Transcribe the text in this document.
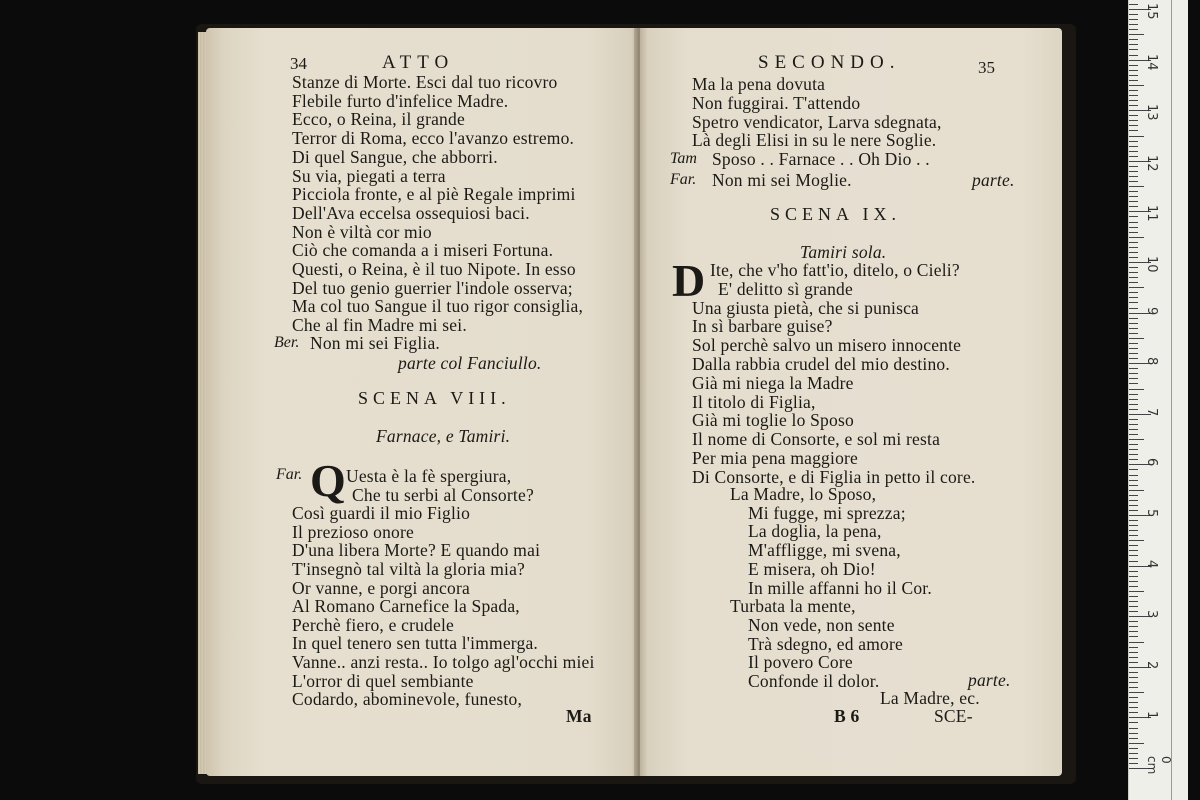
34	ATTO
Stanze di Morte. Esci dal tuo ricovro
Flebile furto d'infelice Madre.
Ecco, o Reina, il grande
Terror di Roma, ecco l'avanzo estremo.
Di quel Sangue, che abborri.
Su via, piegati a terra
Picciola fronte, e al piè Regale imprimi
Dell'Ava eccelsa ossequiosi baci.
Non è viltà cor mio
Ciò che comanda a i miseri Fortuna.
Questi, o Reina, è il tuo Nipote. In esso
Del tuo genio guerrier l'indole osserva;
Ma col tuo Sangue il tuo rigor consiglia,
Che al fin Madre mi sei.
Ber. Non mi sei Figlia.
parte col Fanciullo.
SCENA VIII.
Farnace, e Tamiri.
Far. Q Uesta è la fè spergiura,
Che tu serbi al Consorte?
Così guardi il mio Figlio
Il prezioso onore
D'una libera Morte? E quando mai
T'insegnò tal viltà la gloria mia?
Or vanne, e porgi ancora
Al Romano Carnefice la Spada,
Perchè fiero, e crudele
In quel tenero sen tutta l'immerga.
Vanne.. anzi resta.. Io tolgo agl'occhi miei
L'orror di quel sembiante
Codardo, abominevole, funesto,
Ma
SECONDO.	35
Ma la pena dovuta
Non fuggirai. T'attendo
Spetro vendicator, Larva sdegnata,
Là degli Elisi in su le nere Soglie.
Tam Sposo . . Farnace . . Oh Dio . .
Far. Non mi sei Moglie.	parte.
SCENA IX.
Tamiri sola.
D Ite, che v'ho fatt'io, ditelo, o Cieli?
E' delitto sì grande
Una giusta pietà, che si punisca
In sì barbare guise?
Sol perchè salvo un misero innocente
Dalla rabbia crudel del mio destino.
Già mi niega la Madre
Il titolo di Figlia,
Già mi toglie lo Sposo
Il nome di Consorte, e sol mi resta
Per mia pena maggiore
Di Consorte, e di Figlia in petto il core.
La Madre, lo Sposo,
Mi fugge, mi sprezza;
La doglia, la pena,
M'affligge, mi svena,
E misera, oh Dio!
In mille affanni ho il Cor.
Turbata la mente,
Non vede, non sente
Trà sdegno, ed amore
Il povero Core
Confonde il dolor.	parte.
La Madre, ec.
B 6	SCE-	1
2
3
4
5
6
7
8
9
10
11
12
13
14
15
0 cm
